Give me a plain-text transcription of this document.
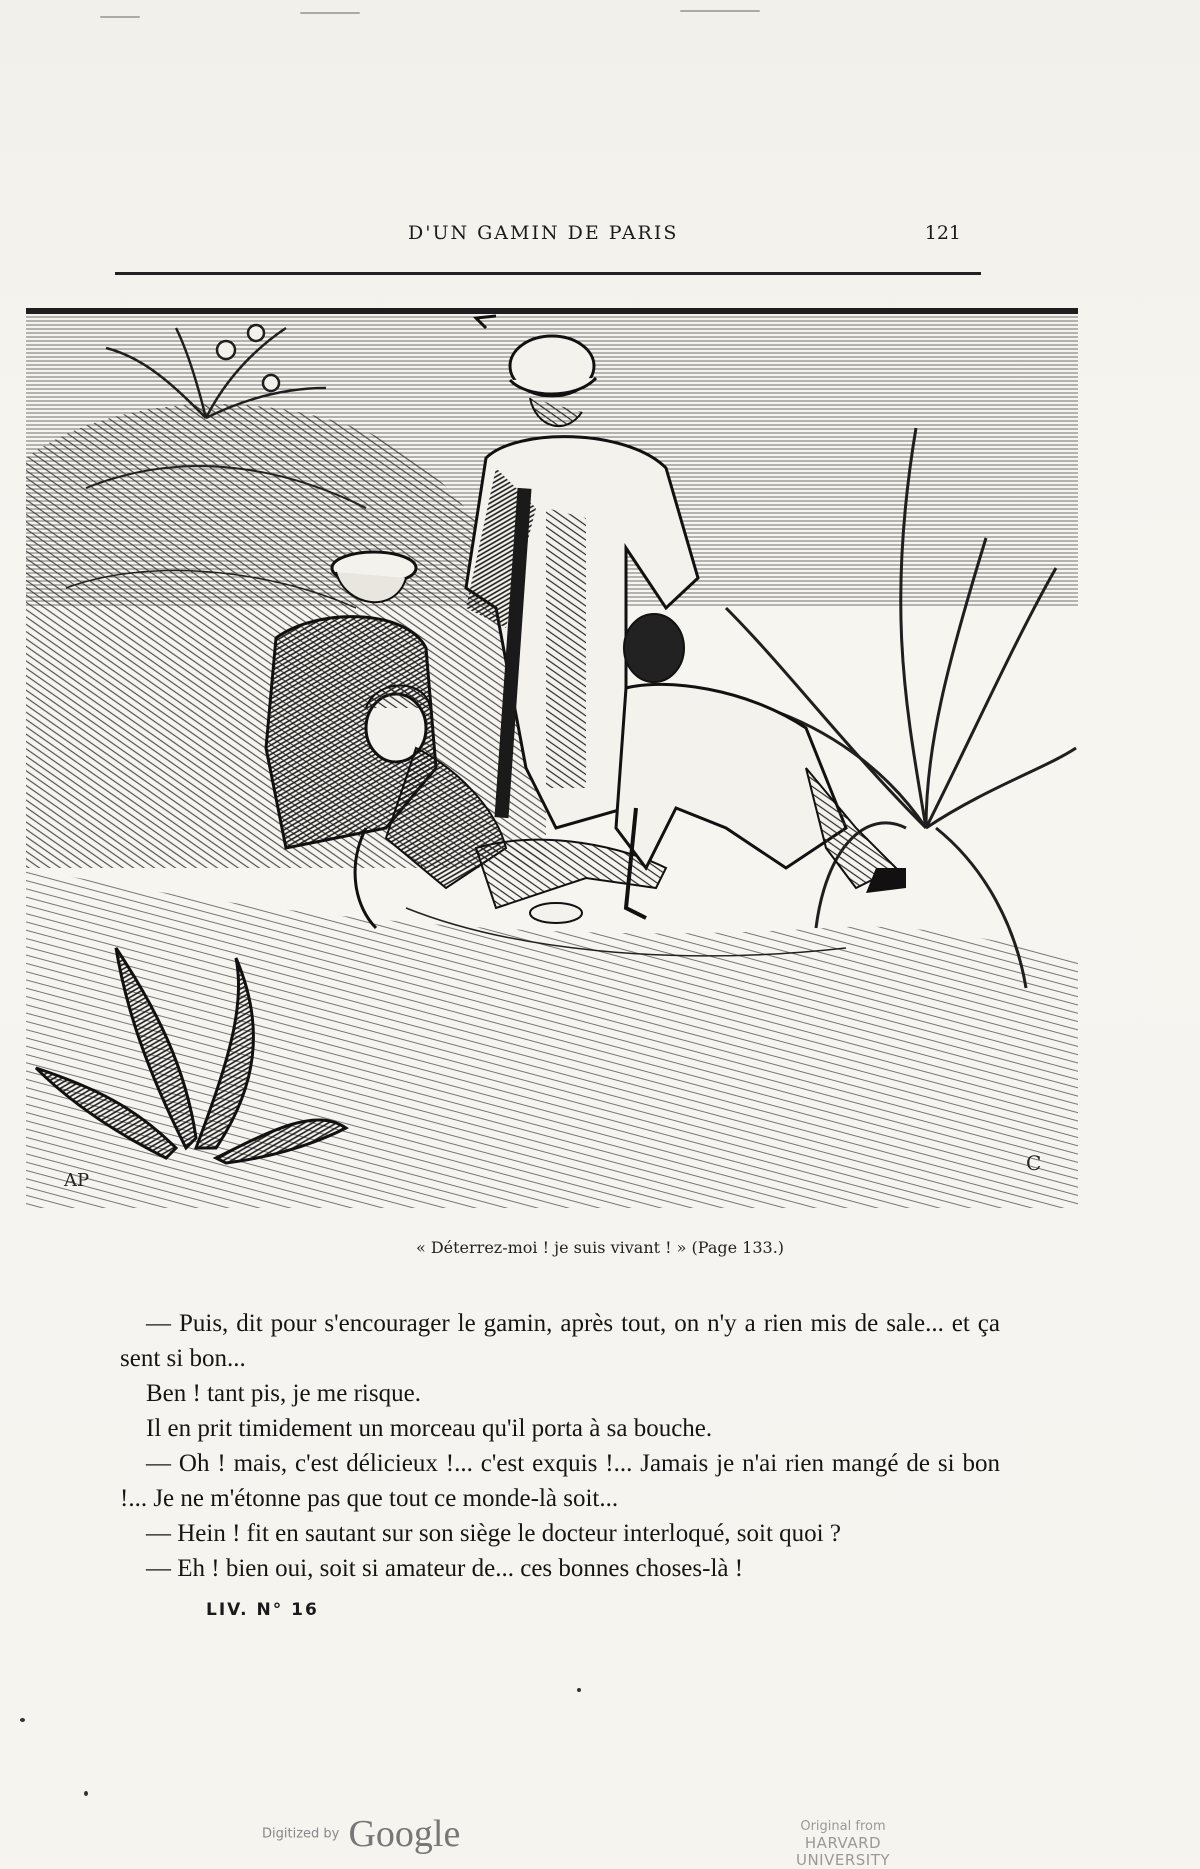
D'UN GAMIN DE PARIS	121
AP
C
« Déterrez-moi ! je suis vivant ! » (Page 133.)

— Puis, dit pour s'encourager le gamin, après tout, on n'y a rien mis de sale... et ça sent si bon...

Ben ! tant pis, je me risque.

Il en prit timidement un morceau qu'il porta à sa bouche.

— Oh ! mais, c'est délicieux !... c'est exquis !... Jamais je n'ai rien mangé de si bon !... Je ne m'étonne pas que tout ce monde-là soit...

— Hein ! fit en sautant sur son siège le docteur interloqué, soit quoi ?

— Eh ! bien oui, soit si amateur de... ces bonnes choses-là !

LIV. N° 16
Digitized by Google	Original from
HARVARD UNIVERSITY
